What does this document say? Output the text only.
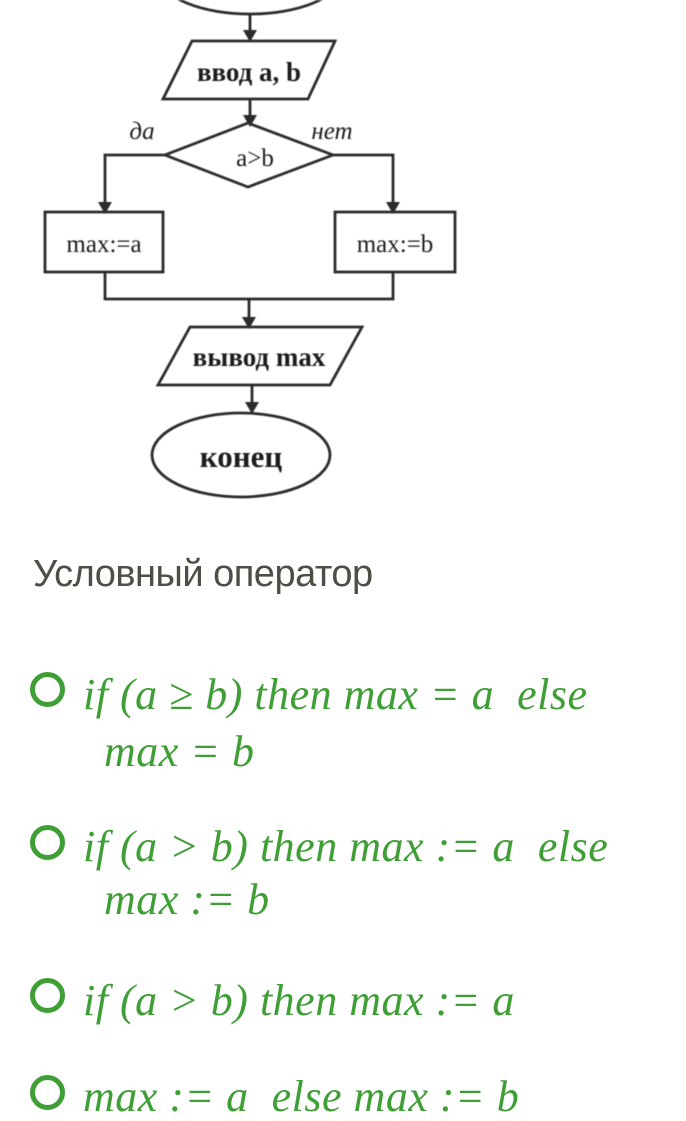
ввод a, b
да	нет
a>b
max:=a	max:=b
вывод max
конец
Условный оператор
if (a ≥ b) then max = a  else
max = b
if (a > b) then max := a  else
max := b
if (a > b) then max := a
max := a  else max := b
